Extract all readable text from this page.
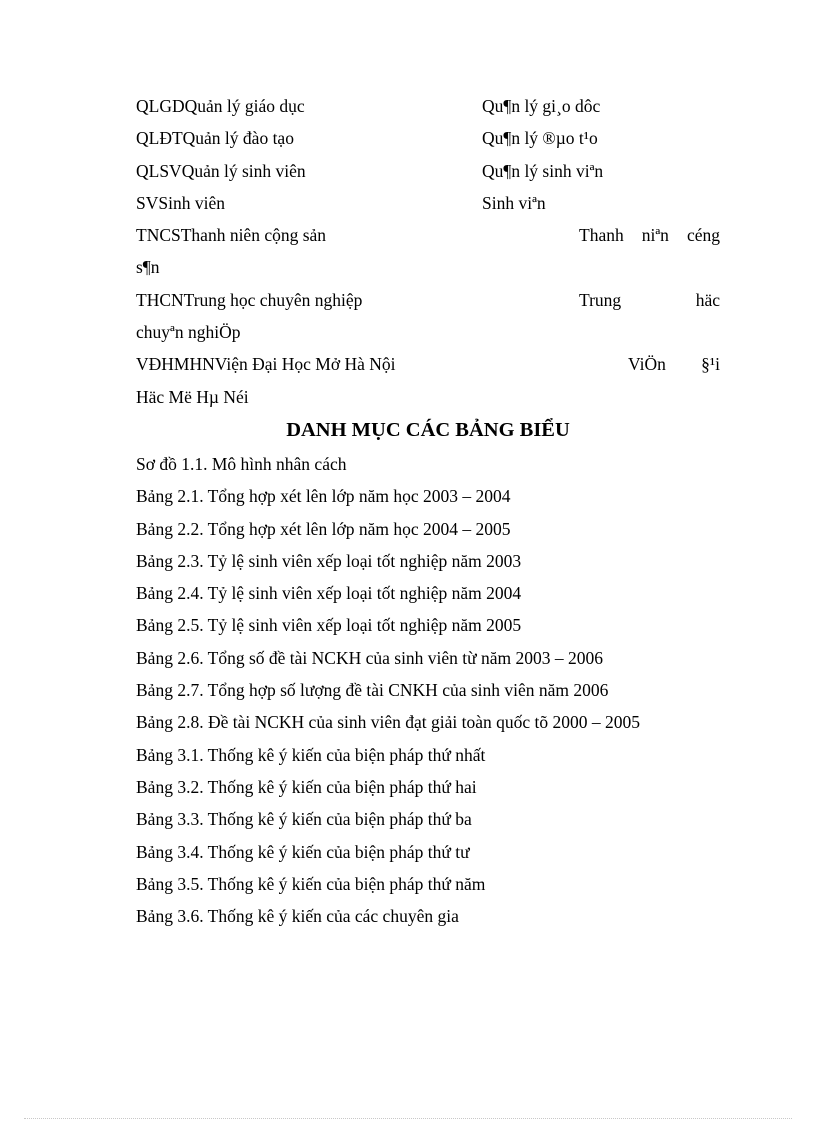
QLGDQuản lý giáo dục	Qu¶n lý gi¸o dôc
QLĐTQuản lý đào tạo	Qu¶n lý ®µo t¹o
QLSVQuản lý sinh viên	Qu¶n lý sinh viªn
SVSinh viên	Sinh viªn
TNCSThanh niên cộng sản	Thanh niªn céng
s¶n
THCNTrung học chuyên nghiệp	Trung	häc
chuyªn nghiÖp
VĐHMHNViện Đại Học Mở Hà Nội	ViÖn §¹i
Häc Më Hµ Néi
DANH MỤC CÁC BẢNG BIỂU
Sơ đồ 1.1. Mô hình nhân cách
Bảng 2.1. Tổng hợp xét lên lớp năm học 2003 – 2004
Bảng 2.2. Tổng hợp xét lên lớp năm học 2004 – 2005
Bảng 2.3. Tỷ lệ sinh viên xếp loại tốt nghiệp năm 2003
Bảng 2.4. Tỷ lệ sinh viên xếp loại tốt nghiệp năm 2004
Bảng 2.5. Tỷ lệ sinh viên xếp loại tốt nghiệp năm 2005
Bảng 2.6. Tổng số đề tài NCKH của sinh viên từ năm 2003 – 2006
Bảng 2.7. Tổng hợp số lượng đề tài CNKH của sinh viên năm 2006
Bảng 2.8. Đề tài NCKH của sinh viên đạt giải toàn quốc tõ 2000 – 2005
Bảng 3.1. Thống kê ý kiến của biện pháp thứ nhất
Bảng 3.2. Thống kê ý kiến của biện pháp thứ hai
Bảng 3.3. Thống kê ý kiến của biện pháp thứ ba
Bảng 3.4. Thống kê ý kiến của biện pháp thứ tư
Bảng 3.5. Thống kê ý kiến của biện pháp thứ năm
Bảng 3.6. Thống kê ý kiến của các chuyên gia
